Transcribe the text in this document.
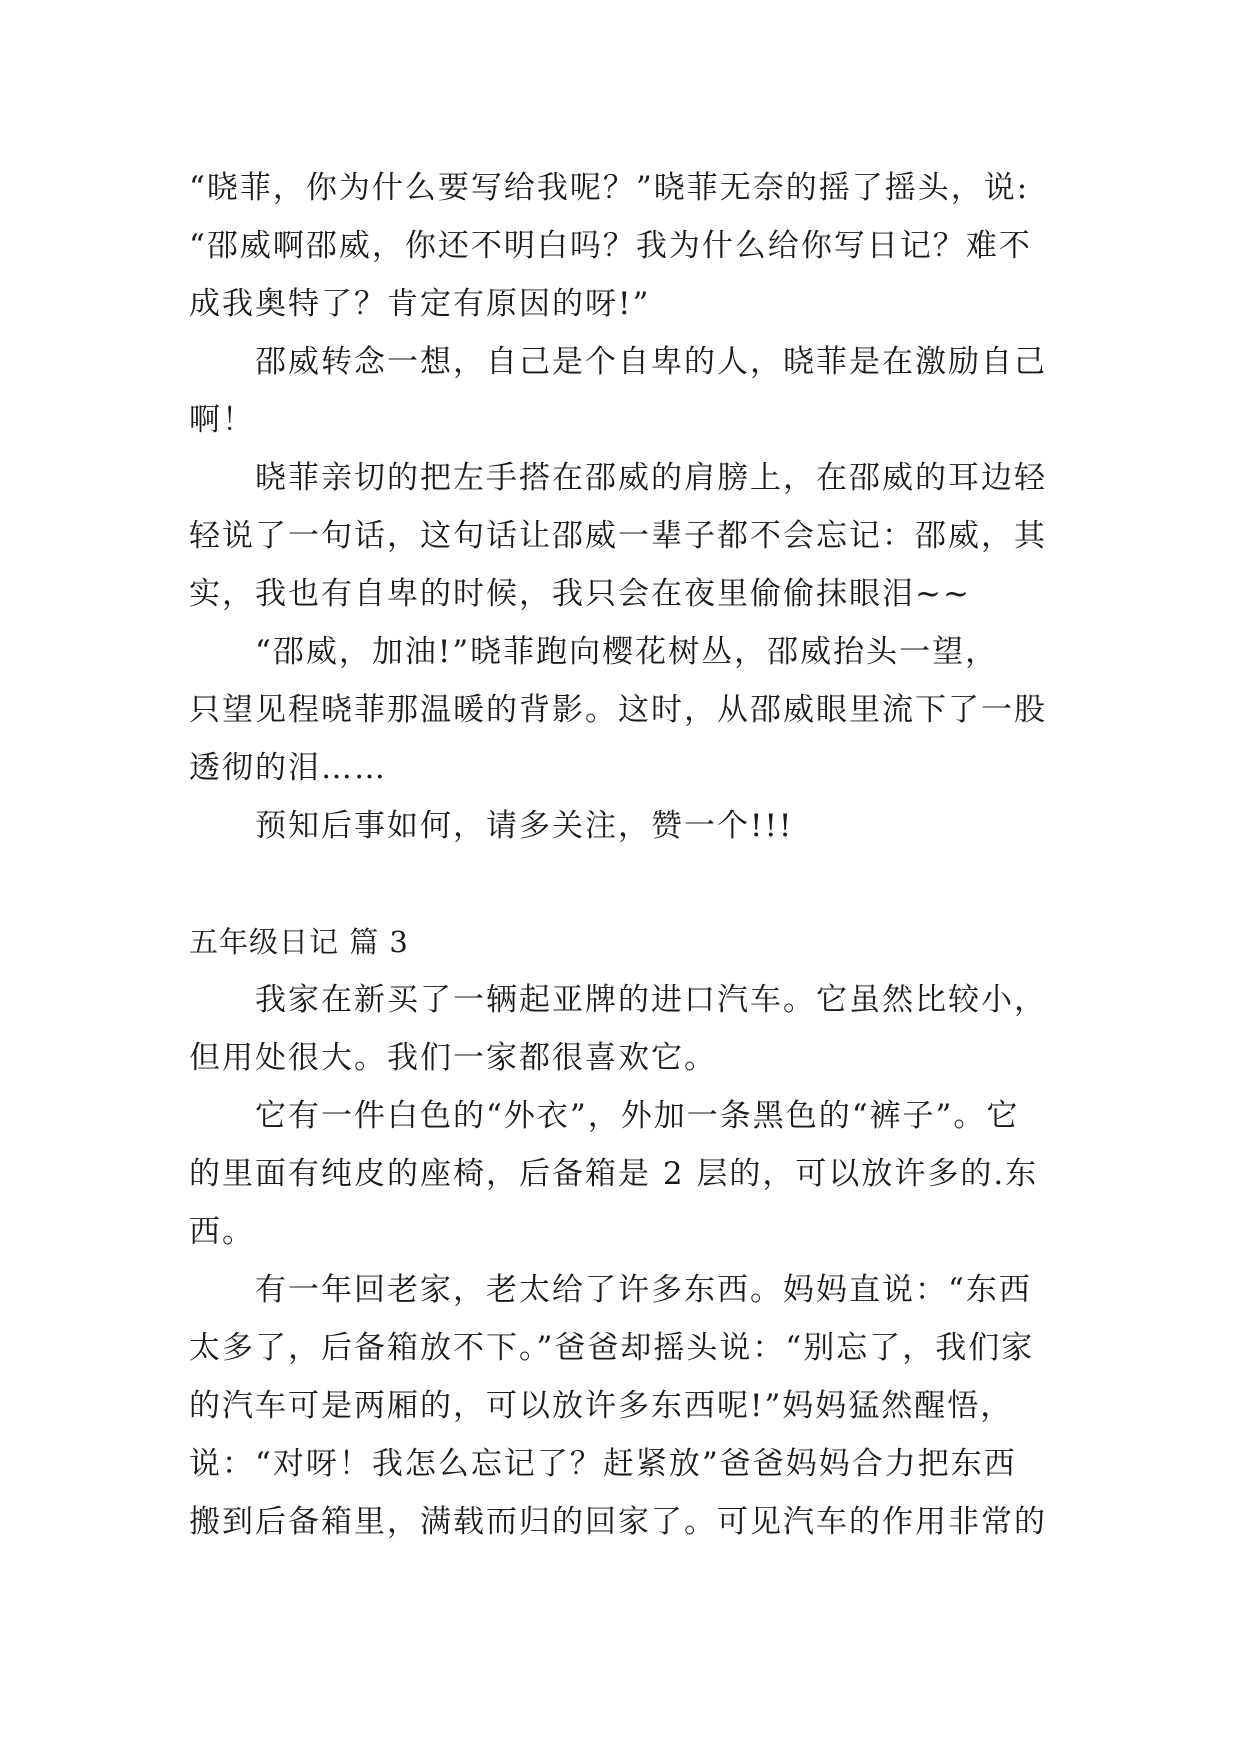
“晓菲，你为什么要写给我呢？”晓菲无奈的摇了摇头，说:
“邵威啊邵威，你还不明白吗？我为什么给你写日记？难不
成我奥特了？肯定有原因的呀!”
邵威转念一想，自己是个自卑的人，晓菲是在激励自己
啊！
晓菲亲切的把左手搭在邵威的肩膀上，在邵威的耳边轻
轻说了一句话，这句话让邵威一辈子都不会忘记：邵威，其
实，我也有自卑的时候，我只会在夜里偷偷抹眼泪~~
“邵威，加油!”晓菲跑向樱花树丛，邵威抬头一望，
只望见程晓菲那温暖的背影。这时，从邵威眼里流下了一股
透彻的泪……
预知后事如何，请多关注，赞一个!!!
五年级日记 篇 3
我家在新买了一辆起亚牌的进口汽车。它虽然比较小，
但用处很大。我们一家都很喜欢它。
它有一件白色的“外衣”，外加一条黑色的“裤子”。它
的里面有纯皮的座椅，后备箱是 2 层的，可以放许多的.东
西。
有一年回老家，老太给了许多东西。妈妈直说：“东西
太多了，后备箱放不下。”爸爸却摇头说：“别忘了，我们家
的汽车可是两厢的，可以放许多东西呢!”妈妈猛然醒悟，
说：“对呀！我怎么忘记了？赶紧放”爸爸妈妈合力把东西
搬到后备箱里，满载而归的回家了。可见汽车的作用非常的
